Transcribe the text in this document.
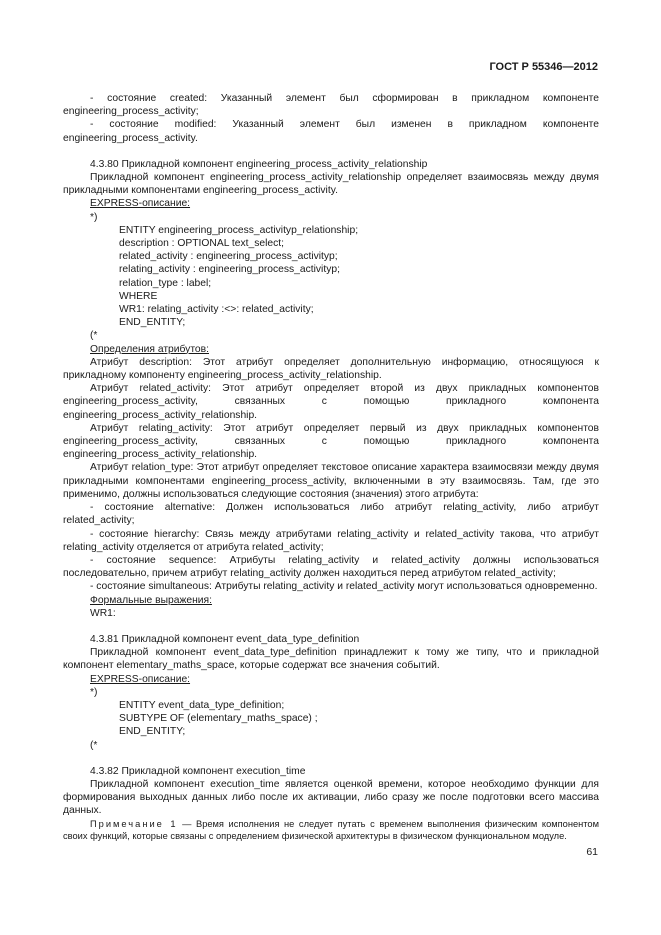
ГОСТ Р 55346—2012

- состояние created: Указанный элемент был сформирован в прикладном компоненте engineering_process_activity;

- состояние modified: Указанный элемент был изменен в прикладном компоненте engineering_process_activity.

4.3.80 Прикладной компонент engineering_process_activity_relationship

Прикладной компонент engineering_process_activity_relationship определяет взаимосвязь между двумя прикладными компонентами engineering_process_activity.

EXPRESS-описание:

*)

ENTITY engineering_process_activityp_relationship;

description : OPTIONAL text_select;

related_activity : engineering_process_activityp;

relating_activity : engineering_process_activityp;

relation_type : label;

WHERE

WR1: relating_activity :<>: related_activity;

END_ENTITY;

(*

Определения атрибутов:

Атрибут description: Этот атрибут определяет дополнительную информацию, относящуюся к прикладному компоненту engineering_process_activity_relationship.

Атрибут related_activity: Этот атрибут определяет второй из двух прикладных компонентов engineering_process_activity, связанных с помощью прикладного компонента engineering_process_activity_relationship.

Атрибут relating_activity: Этот атрибут определяет первый из двух прикладных компонентов engineering_process_activity, связанных с помощью прикладного компонента engineering_process_activity_relationship.

Атрибут relation_type: Этот атрибут определяет текстовое описание характера взаимосвязи между двумя прикладными компонентами engineering_process_activity, включенными в эту взаимосвязь. Там, где это применимо, должны использоваться следующие состояния (значения) этого атрибута:

- состояние alternative: Должен использоваться либо атрибут relating_activity, либо атрибут related_activity;

- состояние hierarchy: Связь между атрибутами relating_activity и related_activity такова, что атрибут relating_activity отделяется от атрибута related_activity;

- состояние sequence: Атрибуты relating_activity и related_activity должны использоваться последовательно, причем атрибут relating_activity должен находиться перед атрибутом related_activity;

- состояние simultaneous: Атрибуты relating_activity и related_activity могут использоваться одновременно.

Формальные выражения:

WR1:

4.3.81 Прикладной компонент event_data_type_definition

Прикладной компонент event_data_type_definition принадлежит к тому же типу, что и прикладной компонент elementary_maths_space, которые содержат все значения событий.

EXPRESS-описание:

*)

ENTITY event_data_type_definition;

SUBTYPE OF (elementary_maths_space) ;

END_ENTITY;

(*

4.3.82 Прикладной компонент execution_time

Прикладной компонент execution_time является оценкой времени, которое необходимо функции для формирования выходных данных либо после их активации, либо сразу же после подготовки всего массива данных.

Примечание 1 — Время исполнения не следует путать с временем выполнения физическим компонентом своих функций, которые связаны с определением физической архитектуры в физическом функциональном модуле.

61
